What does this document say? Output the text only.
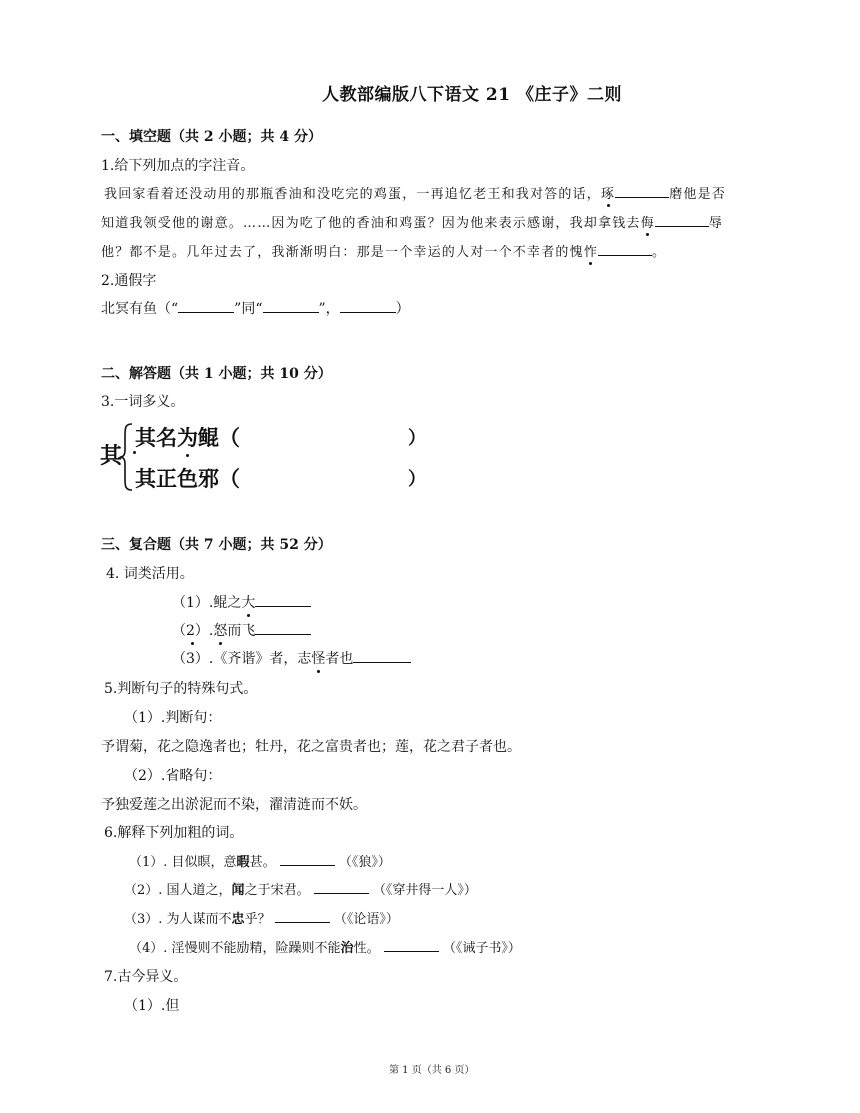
人教部编版八下语文 21 《庄子》二则
一、填空题（共 2 小题；共 4 分）
1.给下列加点的字注音。
我回家看着还没动用的那瓶香油和没吃完的鸡蛋，一再追忆老王和我对答的话，琢	磨他是否
知道我领受他的谢意。……因为吃了他的香油和鸡蛋？因为他来表示感谢，我却拿钱去侮	辱
他？都不是。几年过去了，我渐渐明白：那是一个幸运的人对一个不幸者的愧怍	。
2.通假字
北冥有鱼（“	”同“	”，	）
二、解答题（共 1 小题；共 10 分）
3.一词多义。
其
其名为鲲（	）
其正色邪（	）
三、复合题（共 7 小题；共 52 分）
4. 词类活用。
（1）.鲲之大
（2）.怒而飞
（3）.《齐谐》者，志怪者也
5.判断句子的特殊句式。
（1）.判断句：
予谓菊，花之隐逸者也；牡丹，花之富贵者也；莲，花之君子者也。
（2）.省略句：
予独爱莲之出淤泥而不染，濯清涟而不妖。
6.解释下列加粗的词。
（1）. 目似瞑，意暇甚。	（《狼》）
（2）. 国人道之，闻之于宋君。	（《穿井得一人》）
（3）. 为人谋而不忠乎？	（《论语》）
（4）. 淫慢则不能励精，险躁则不能治性。	（《诫子书》）
7.古今异义。
（1）.但
第 1 页（共 6 页）
